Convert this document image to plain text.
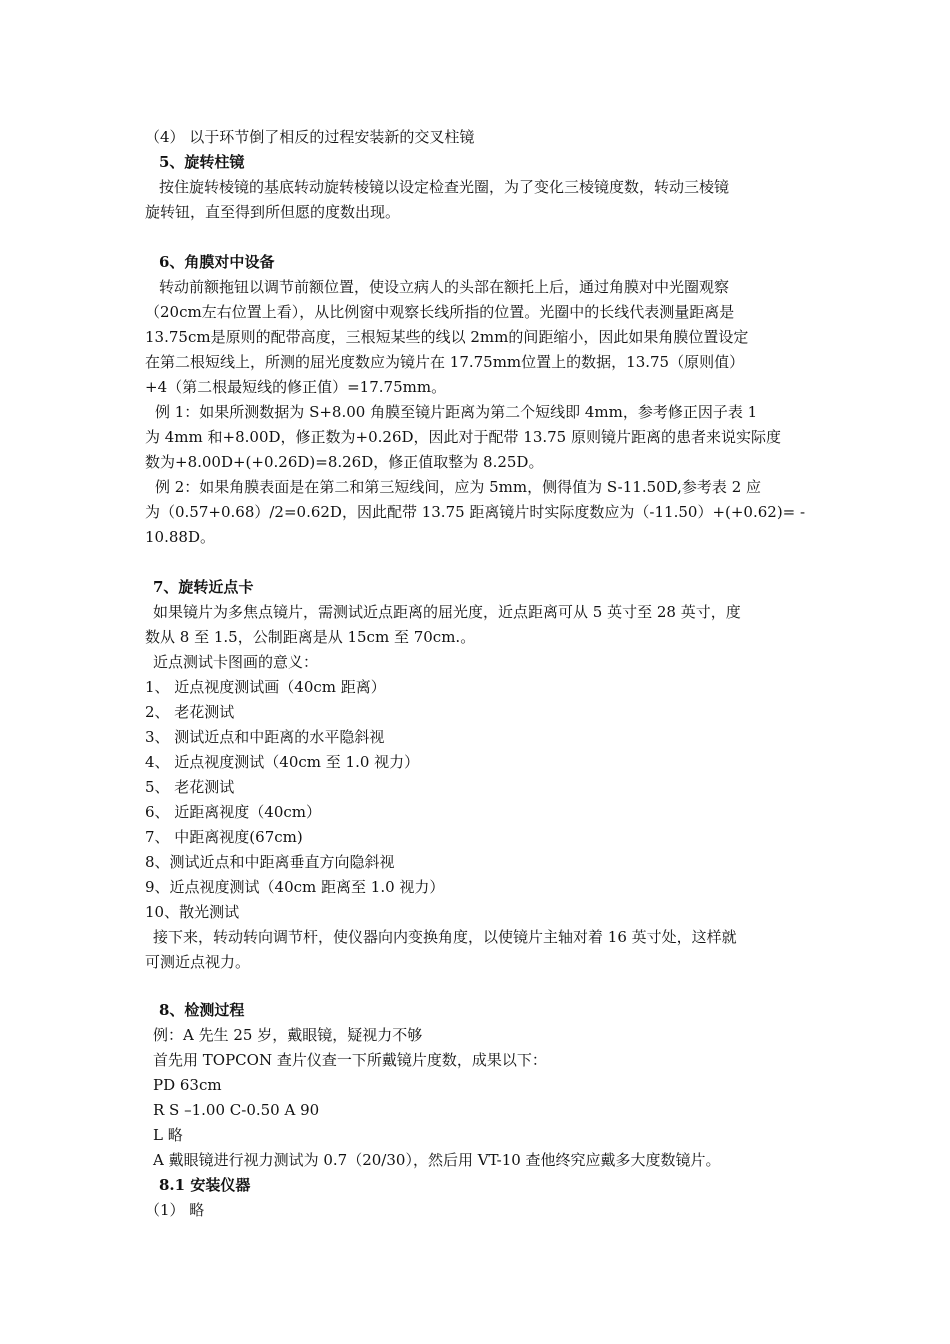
（4） 以于环节倒了相反的过程安装新的交叉柱镜
5、旋转柱镜
按住旋转棱镜的基底转动旋转棱镜以设定检查光圈，为了变化三棱镜度数，转动三棱镜
旋转钮，直至得到所但愿的度数出现。
6、角膜对中设备
转动前额拖钮以调节前额位置，使设立病人的头部在额托上后，通过角膜对中光圈观察
（20cm左右位置上看），从比例窗中观察长线所指的位置。光圈中的长线代表测量距离是
13.75cm是原则的配带高度，三根短某些的线以 2mm的间距缩小，因此如果角膜位置设定
在第二根短线上，所测的屈光度数应为镜片在 17.75mm位置上的数据，13.75（原则值）
+4（第二根最短线的修正值）=17.75mm。
例 1：如果所测数据为 S+8.00 角膜至镜片距离为第二个短线即 4mm，参考修正因子表 1
为 4mm 和+8.00D，修正数为+0.26D，因此对于配带 13.75 原则镜片距离的患者来说实际度
数为+8.00D+(+0.26D)=8.26D，修正值取整为 8.25D。
例 2：如果角膜表面是在第二和第三短线间，应为 5mm，侧得值为 S-11.50D,参考表 2 应
为（0.57+0.68）/2=0.62D，因此配带 13.75 距离镜片时实际度数应为（-11.50）+(+0.62)= -
10.88D。
7、旋转近点卡
如果镜片为多焦点镜片，需测试近点距离的屈光度，近点距离可从 5 英寸至 28 英寸，度
数从 8 至 1.5，公制距离是从 15cm 至 70cm.。
近点测试卡图画的意义：
1、 近点视度测试画（40cm 距离）
2、 老花测试
3、 测试近点和中距离的水平隐斜视
4、 近点视度测试（40cm 至 1.0 视力）
5、 老花测试
6、 近距离视度（40cm）
7、 中距离视度(67cm)
8、测试近点和中距离垂直方向隐斜视
9、近点视度测试（40cm 距离至 1.0 视力）
10、散光测试
接下来，转动转向调节杆，使仪器向内变换角度，以使镜片主轴对着 16 英寸处，这样就
可测近点视力。
8、检测过程
例：A 先生 25 岁，戴眼镜，疑视力不够
首先用 TOPCON 查片仪查一下所戴镜片度数，成果以下：
PD 63cm
R S –1.00 C-0.50 A 90
L 略
A 戴眼镜进行视力测试为 0.7（20/30），然后用 VT-10 查他终究应戴多大度数镜片。
8.1 安装仪器
（1） 略
